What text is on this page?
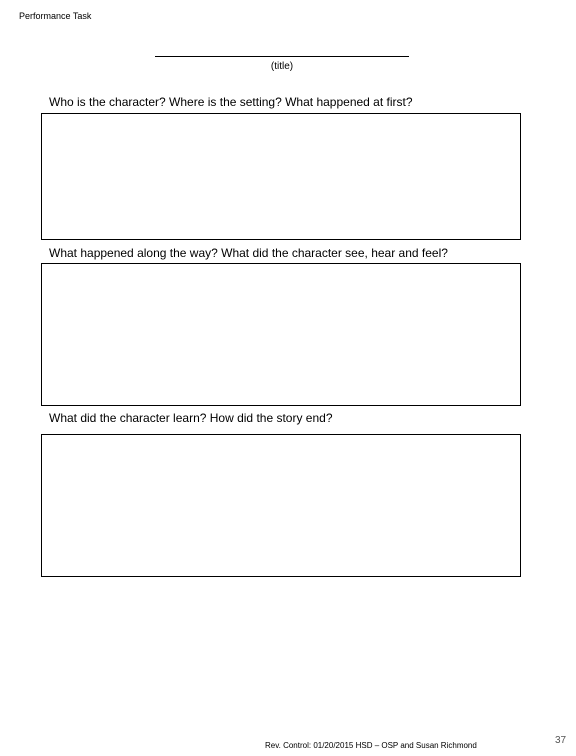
Performance Task
(title)
Who is the character? Where is the setting? What happened at first?
What happened along the way? What did the character see, hear and feel?
What did the character learn? How did the story end?
Rev. Control: 01/20/2015 HSD – OSP and Susan Richmond	37
